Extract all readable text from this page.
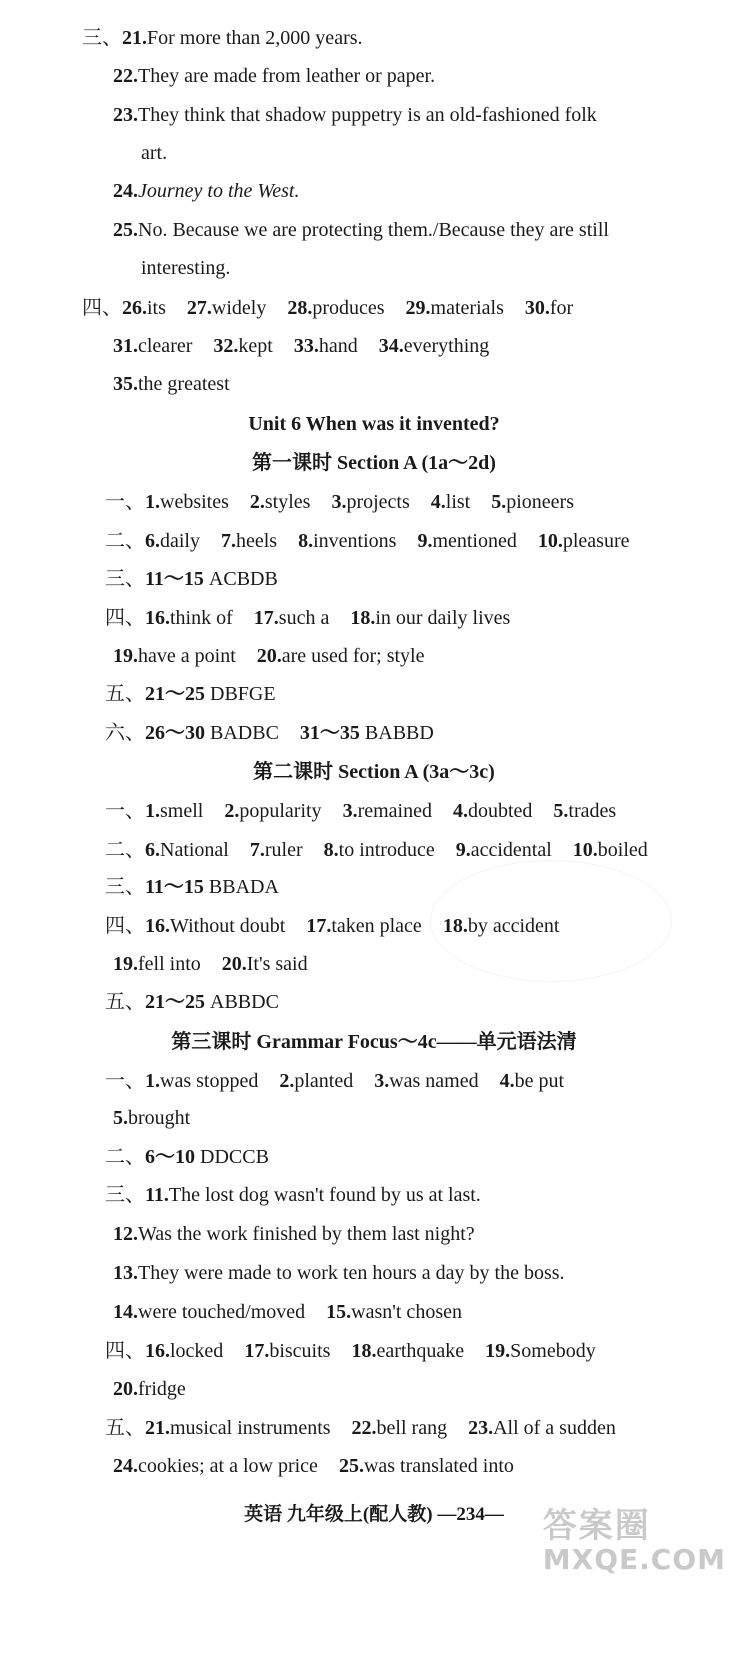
三、21.For more than 2,000 years.
22.They are made from leather or paper.
23.They think that shadow puppetry is an old-fashioned folk
art.
24.Journey to the West.
25.No. Because we are protecting them./Because they are still
interesting.
四、26.its 27.widely 28.produces 29.materials 30.for
31.clearer 32.kept 33.hand 34.everything
35.the greatest
Unit 6 When was it invented?
第一课时 Section A (1a～2d)
一、1.websites 2.styles 3.projects 4.list 5.pioneers
二、6.daily 7.heels 8.inventions 9.mentioned 10.pleasure
三、11～15 ACBDB
四、16.think of 17.such a 18.in our daily lives
19.have a point 20.are used for; style
五、21～25 DBFGE
六、26～30 BADBC 31～35 BABBD
第二课时 Section A (3a～3c)
一、1.smell 2.popularity 3.remained 4.doubted 5.trades
二、6.National 7.ruler 8.to introduce 9.accidental 10.boiled
三、11～15 BBADA
四、16.Without doubt 17.taken place 18.by accident
19.fell into 20.It's said
五、21～25 ABBDC
第三课时 Grammar Focus～4c——单元语法清
一、1.was stopped 2.planted 3.was named 4.be put
5.brought
二、6～10 DDCCB
三、11.The lost dog wasn't found by us at last.
12.Was the work finished by them last night?
13.They were made to work ten hours a day by the boss.
14.were touched/moved 15.wasn't chosen
四、16.locked 17.biscuits 18.earthquake 19.Somebody
20.fridge
五、21.musical instruments 22.bell rang 23.All of a sudden
24.cookies; at a low price 25.was translated into
英语 九年级上(配人教) —234—	答案圈
MXQE.COM
